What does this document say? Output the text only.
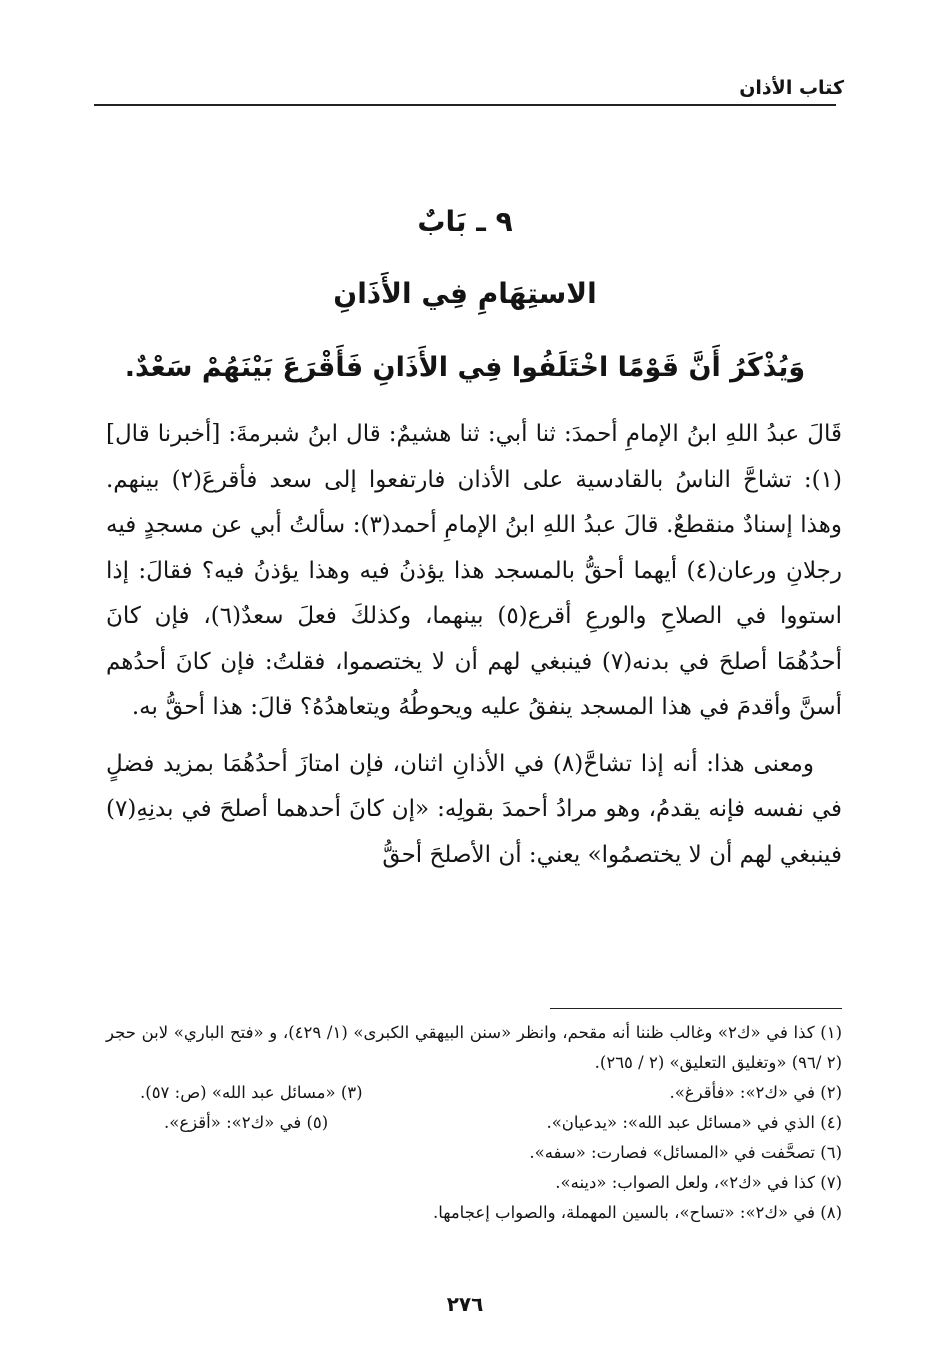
كتاب الأذان
٩ ـ بَابٌ
الاستِهَامِ فِي الأَذَانِ
وَيُذْكَرُ أَنَّ قَوْمًا اخْتَلَفُوا فِي الأَذَانِ فَأَقْرَعَ بَيْنَهُمْ سَعْدٌ.

قَالَ عبدُ اللهِ ابنُ الإمامِ أحمدَ: ثنا أبي: ثنا هشيمٌ: قال ابنُ شبرمةَ: [أخبرنا قال](١): تشاحَّ الناسُ بالقادسية على الأذان فارتفعوا إلى سعد فأقرعَ(٢) بينهم. وهذا إسنادٌ منقطعٌ. قالَ عبدُ اللهِ ابنُ الإمامِ أحمد(٣): سألتُ أبي عن مسجدٍ فيه رجلانِ ورعان(٤) أيهما أحقُّ بالمسجد هذا يؤذنُ فيه وهذا يؤذنُ فيه؟ فقالَ: إذا استووا في الصلاحِ والورعِ أقرع(٥) بينهما، وكذلكَ فعلَ سعدٌ(٦)، فإن كانَ أحدُهُمَا أصلحَ في بدنه(٧) فينبغي لهم أن لا يختصموا، فقلتُ: فإن كانَ أحدُهم أسنَّ وأقدمَ في هذا المسجد ينفقُ عليه ويحوطُهُ ويتعاهدُهُ؟ قالَ: هذا أحقُّ به.

ومعنى هذا: أنه إذا تشاحَّ(٨) في الأذانِ اثنان، فإن امتازَ أحدُهُمَا بمزيد فضلٍ في نفسه فإنه يقدمُ، وهو مرادُ أحمدَ بقولِه: «إن كانَ أحدهما أصلحَ في بدنِهِ(٧) فينبغي لهم أن لا يختصمُوا» يعني: أن الأصلحَ أحقُّ

(١) كذا في «ك٢» وغالب ظننا أنه مقحم، وانظر «سنن البيهقي الكبرى» (١/ ٤٢٩)، و «فتح الباري» لابن حجر (٢ /٩٦) «وتغليق التعليق» (٢ / ٢٦٥).
(٢) في «ك٢»: «فأقرغ».
(٣) «مسائل عبد الله» (ص: ٥٧).
(٤) الذي في «مسائل عبد الله»: «يدعيان».
(٥) في «ك٢»: «أقزع».
(٦) تصحَّفت في «المسائل» فصارت: «سفه».
(٧) كذا في «ك٢»، ولعل الصواب: «دينه».
(٨) في «ك٢»: «تساح»، بالسين المهملة، والصواب إعجامها.
٢٧٦
